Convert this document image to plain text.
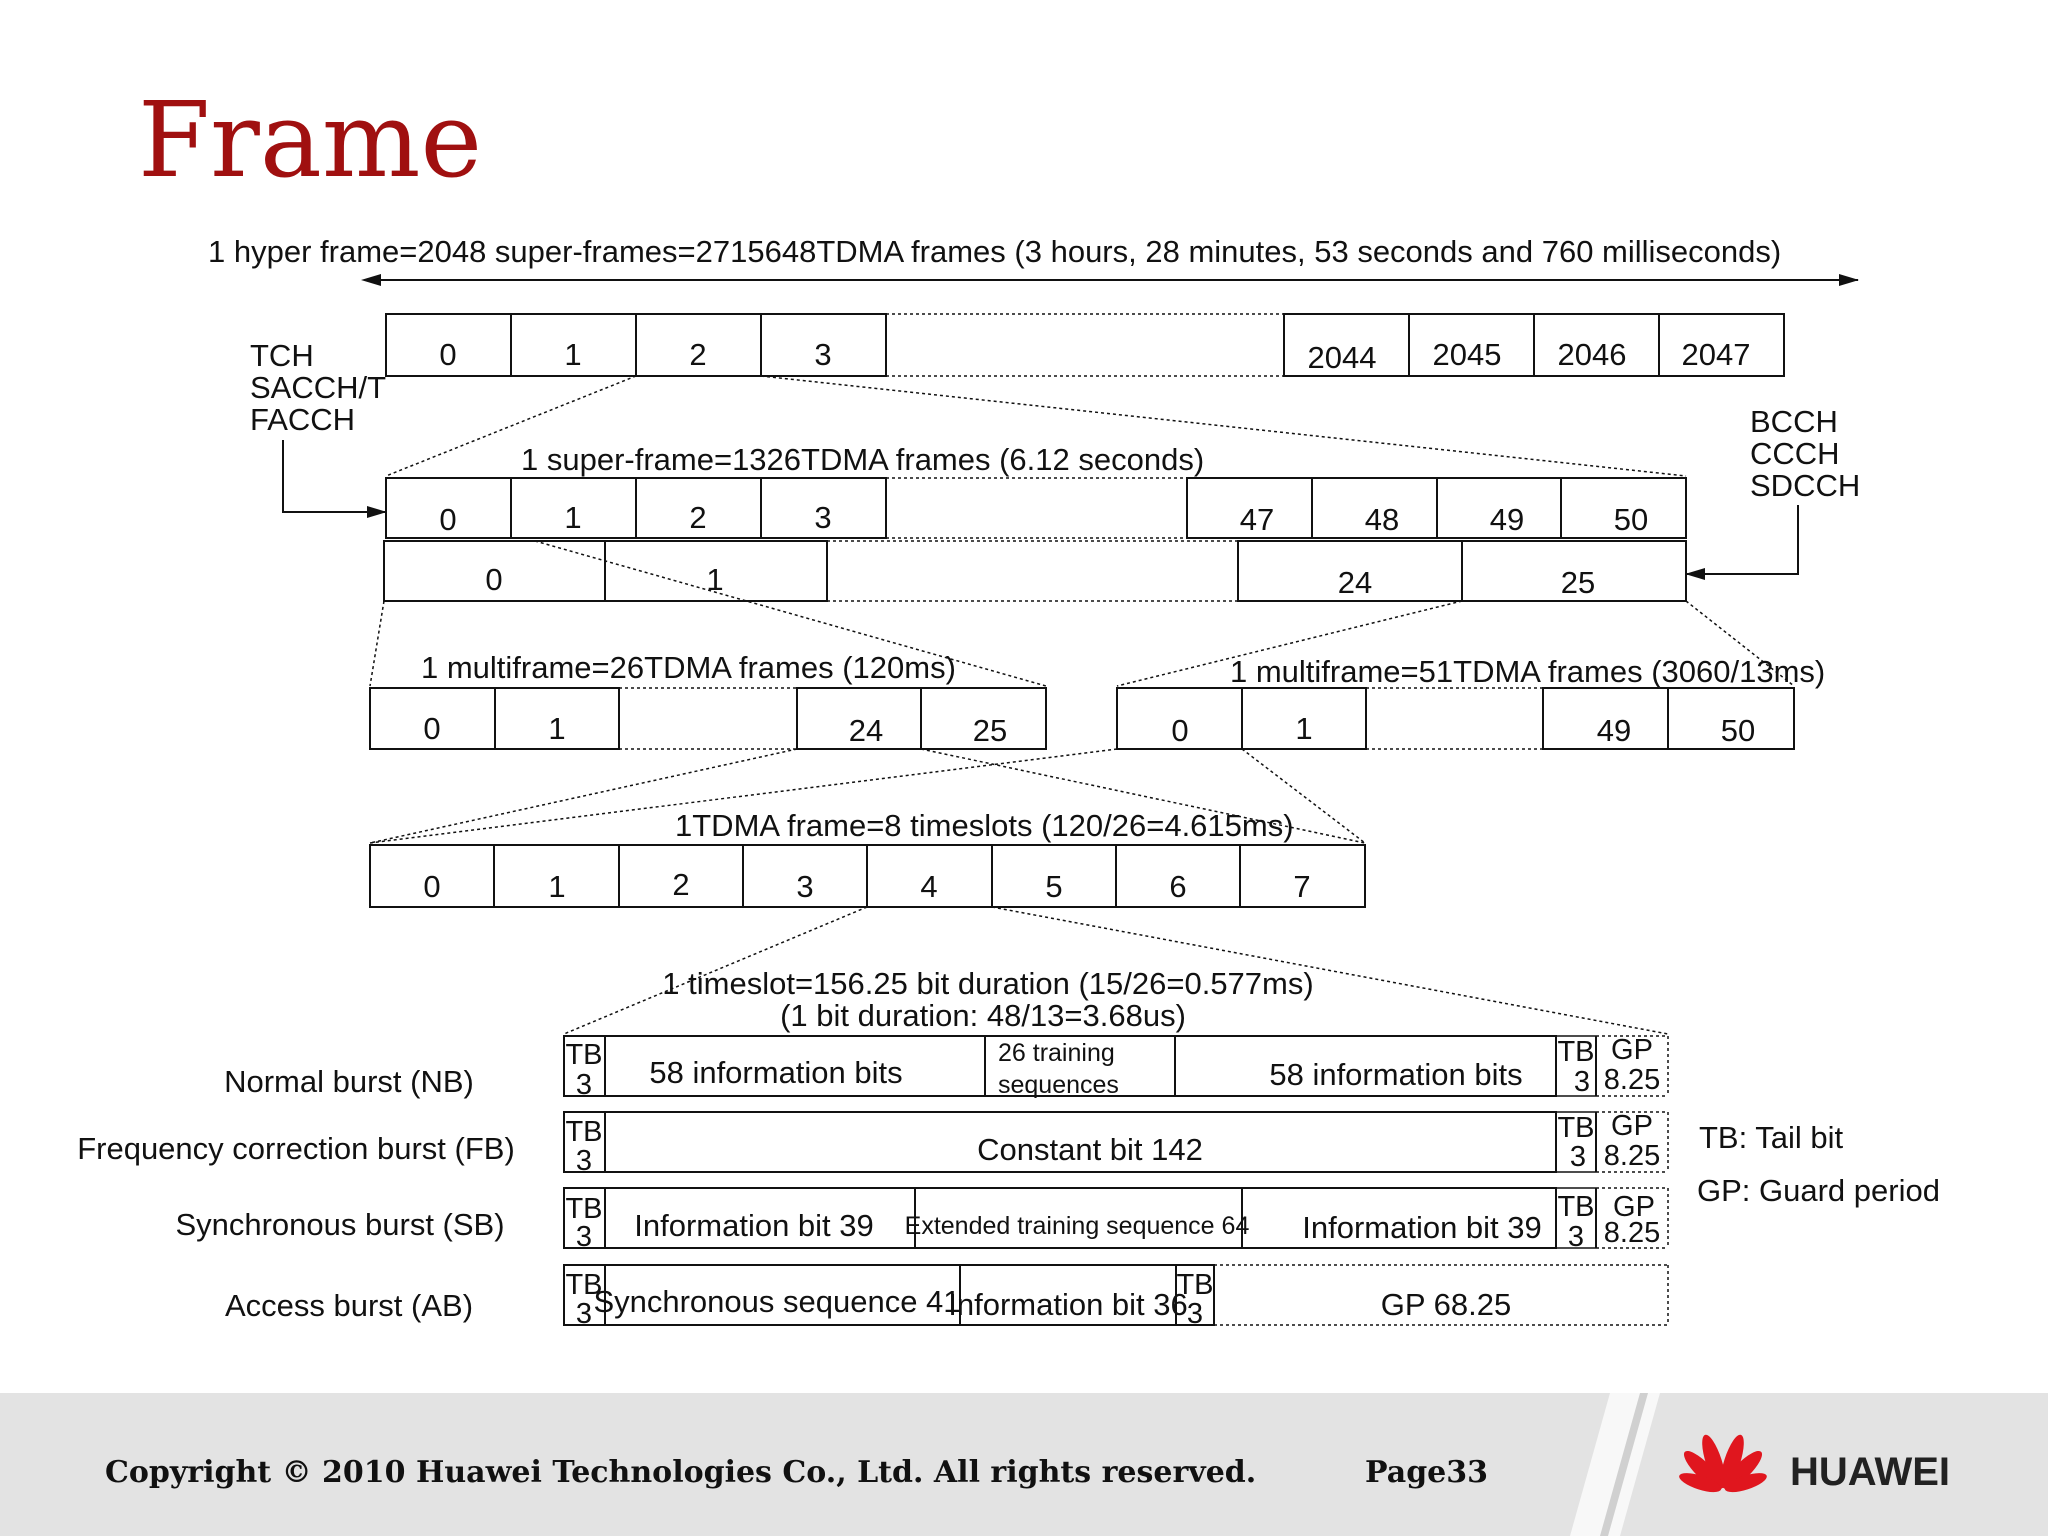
Frame
1 hyper frame=2048 super-frames=2715648TDMA frames (3 hours, 28 minutes, 53 seconds and 760 milliseconds)
0	1	2	3	2044 2045 2046 2047
TCH
SACCH/T
FACCH	BCCH
CCCH
SDCCH
1 super-frame=1326TDMA frames (6.12 seconds)
0	1	2	3	47	48	49	50
0	1	24	25
1 multiframe=26TDMA frames (120ms)
0	1	24	25
1 multiframe=51TDMA frames (3060/13ms)
0	1	49	50
1TDMA frame=8 timeslots (120/26=4.615ms)
0	1	2	3	4	5	6	7
1 timeslot=156.25 bit duration (15/26=0.577ms)
(1 bit duration: 48/13=3.68us)
Normal burst (NB)
TB
3 58 information bits
26 training
sequences	58 information bits
TB
3
GP
8.25
Frequency correction burst (FB) TB
3	Constant bit 142
TB
3
GP
8.25
Synchronous burst (SB) TB
3 Information bit 39 Extended training sequence 64 Information bit 39
TB
3
GP
8.25
Access burst (AB)
TB
3 Synchronous sequence 41
Information bit 36
TB
3	GP 68.25
TB: Tail bit
GP: Guard period
Copyright © 2010 Huawei Technologies Co., Ltd. All rights reserved.	Page33	HUAWEI
